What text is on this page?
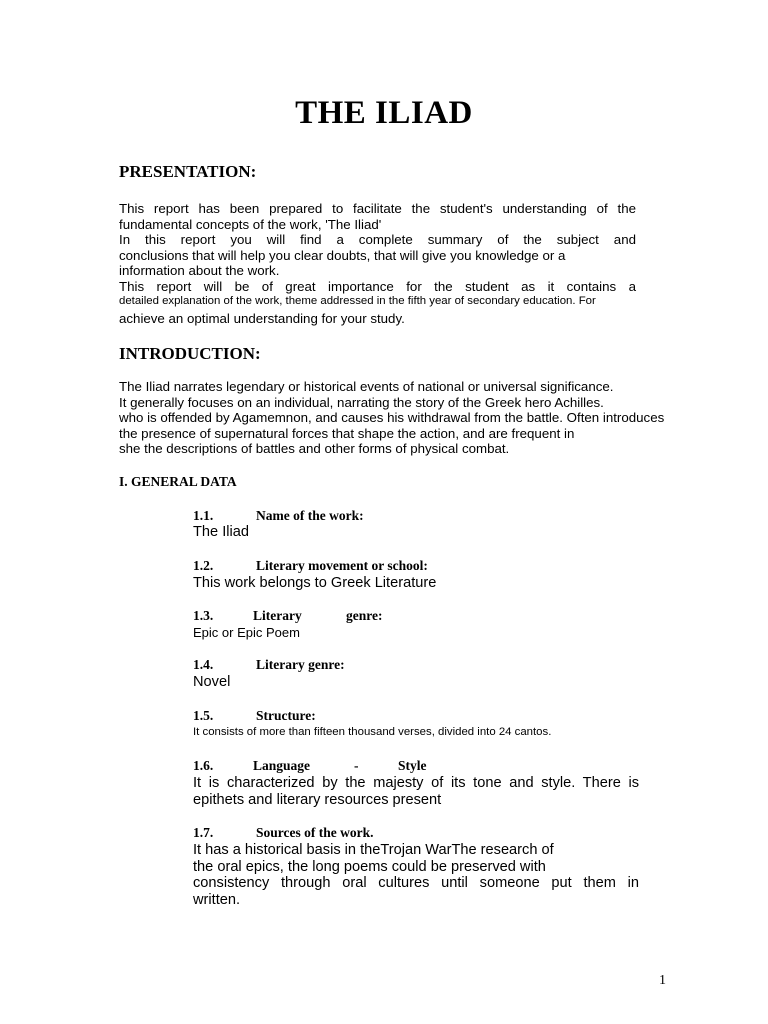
THE ILIAD
PRESENTATION:
This report has been prepared to facilitate the student's understanding of the
fundamental concepts of the work, 'The Iliad'
In this report you will find a complete summary of the subject and
conclusions that will help you clear doubts, that will give you knowledge or a
information about the work.
This report will be of great importance for the student as it contains a
detailed explanation of the work, theme addressed in the fifth year of secondary education. For
achieve an optimal understanding for your study.
INTRODUCTION:
The Iliad narrates legendary or historical events of national or universal significance.
It generally focuses on an individual, narrating the story of the Greek hero Achilles.
who is offended by Agamemnon, and causes his withdrawal from the battle. Often introduces
the presence of supernatural forces that shape the action, and are frequent in
she the descriptions of battles and other forms of physical combat.
I. GENERAL DATA
1.1.	Name of the work:
The Iliad
1.2.	Literary movement or school:
This work belongs to Greek Literature
1.3.	Literary	genre:
Epic or Epic Poem
1.4.	Literary genre:
Novel
1.5.	Structure:
It consists of more than fifteen thousand verses, divided into 24 cantos.
1.6.	Language	-	Style
It is characterized by the majesty of its tone and style. There is
epithets and literary resources present
1.7.	Sources of the work.
It has a historical basis in theTrojan WarThe research of
the oral epics, the long poems could be preserved with
consistency through oral cultures until someone put them in
written.
1
